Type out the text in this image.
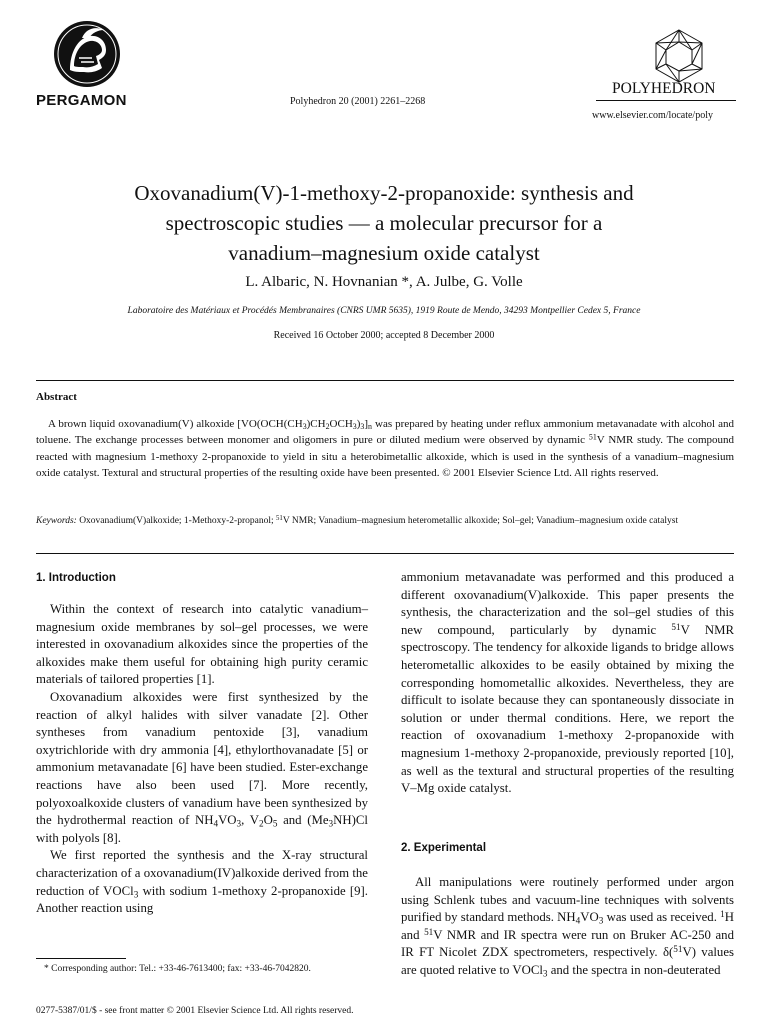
PERGAMON	Polyhedron 20 (2001) 2261–2268
POLYHEDRON
www.elsevier.com/locate/poly
Oxovanadium(V)-1-methoxy-2-propanoxide: synthesis and
spectroscopic studies — a molecular precursor for a
vanadium–magnesium oxide catalyst
L. Albaric, N. Hovnanian *, A. Julbe, G. Volle
Laboratoire des Matériaux et Procédés Membranaires (CNRS UMR 5635), 1919 Route de Mendo, 34293 Montpellier Cedex 5, France
Received 16 October 2000; accepted 8 December 2000
Abstract
A brown liquid oxovanadium(V) alkoxide $[VO(OCH(CH_3)CH_2OCH_3)_3]_n$ was prepared by heating under reflux ammonium metavanadate with alcohol and toluene. The exchange processes between monomer and oligomers in pure or diluted medium were observed by dynamic $^{51}$V NMR study. The compound reacted with magnesium 1-methoxy 2-propanoxide to yield in situ a heterobimetallic alkoxide, which is used in the synthesis of a vanadium–magnesium oxide catalyst. Textural and structural properties of the resulting oxide have been presented. © 2001 Elsevier Science Ltd. All rights reserved.
Keywords: Oxovanadium(V)alkoxide; 1-Methoxy-2-propanol; $^{51}$V NMR; Vanadium–magnesium heterometallic alkoxide; Sol–gel; Vanadium–magnesium oxide catalyst
1. Introduction

Within the context of research into catalytic vanadium–magnesium oxide membranes by sol–gel processes, we were interested in oxovanadium alkoxides since the properties of the alkoxides make them useful for obtaining high purity ceramic materials of tailored properties [1].

Oxovanadium alkoxides were first synthesized by the reaction of alkyl halides with silver vanadate [2]. Other syntheses from vanadium pentoxide [3], vanadium oxytrichloride with dry ammonia [4], ethylorthovanadate [5] or ammonium metavanadate [6] have been studied. Ester-exchange reactions have also been used [7]. More recently, polyoxoalkoxide clusters of vanadium have been synthesized by the hydrothermal reaction of $NH_4VO_3$, $V_2O_5$ and $(Me_3NH)Cl$ with polyols [8].

We first reported the synthesis and the X-ray structural characterization of a oxovanadium(IV)alkoxide derived from the reduction of VOCl$_3$ with sodium 1-methoxy 2-propanoxide [9]. Another reaction using

* Corresponding author: Tel.: +33-46-7613400; fax: +33-46-7042820.
0277-5387/01/$ - see front matter © 2001 Elsevier Science Ltd. All rights reserved.

ammonium metavanadate was performed and this produced a different oxovanadium(V)alkoxide. This paper presents the synthesis, the characterization and the sol–gel studies of this new compound, particularly by dynamic $^{51}$V NMR spectroscopy. The tendency for alkoxide ligands to bridge allows heterometallic alkoxides to be easily obtained by mixing the corresponding homometallic alkoxides. Nevertheless, they are difficult to isolate because they can spontaneously dissociate in solution or under thermal conditions. Here, we report the reaction of oxovanadium 1-methoxy 2-propanoxide with magnesium 1-methoxy 2-propanoxide, previously reported [10], as well as the textural and structural properties of the resulting V–Mg oxide catalyst.

2. Experimental

All manipulations were routinely performed under argon using Schlenk tubes and vacuum-line techniques with solvents purified by standard methods. $NH_4VO_3$ was used as received. $^1$H and $^{51}$V NMR and IR spectra were run on Bruker AC-250 and IR FT Nicolet ZDX spectrometers, respectively. δ($^{51}$V) values are quoted relative to VOCl$_3$ and the spectra in non-deuterated
